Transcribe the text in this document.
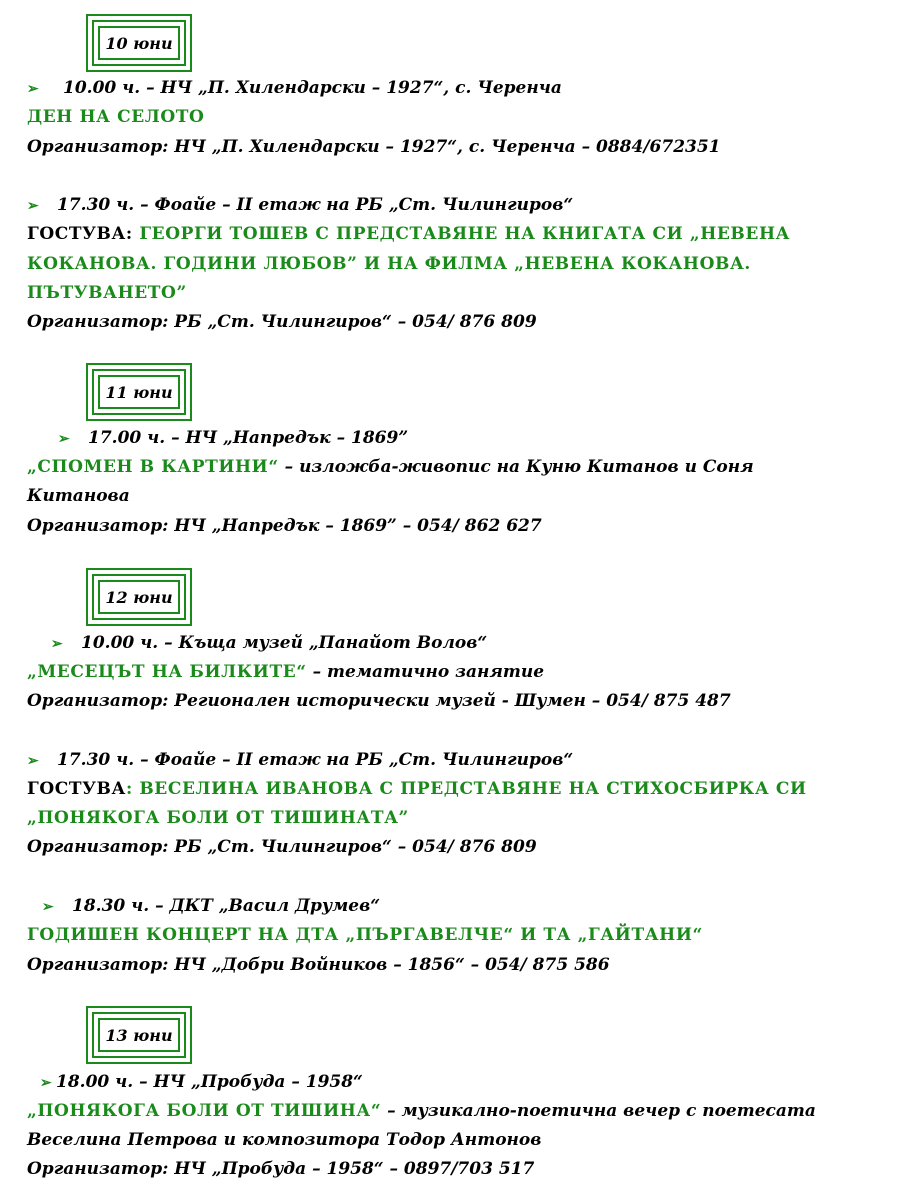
10 юни
➢ 10.00 ч. – НЧ „П. Хилендарски – 1927“, с. Черенча
ДЕН НА СЕЛОТО
Организатор: НЧ „П. Хилендарски – 1927“, с. Черенча – 0884/672351
➢ 17.30 ч. – Фоайе – II етаж на РБ „Ст. Чилингиров“
ГОСТУВА: ГЕОРГИ ТОШЕВ С ПРЕДСТАВЯНЕ НА КНИГАТА СИ „НЕВЕНА
КОКАНОВА. ГОДИНИ ЛЮБОВ” И НА ФИЛМА „НЕВЕНА КОКАНОВА.
ПЪТУВАНЕТО”
Организатор: РБ „Ст. Чилингиров“ – 054/ 876 809
11 юни
➢ 17.00 ч. – НЧ „Напредък – 1869”
„СПОМЕН В КАРТИНИ“ – изложба-живопис на Куню Китанов и Соня
Китанова
Организатор: НЧ „Напредък – 1869” – 054/ 862 627
12 юни
➢ 10.00 ч. – Къща музей „Панайот Волов“
„МЕСЕЦЪТ НА БИЛКИТЕ“ – тематично занятие
Организатор: Регионален исторически музей - Шумен – 054/ 875 487
➢ 17.30 ч. – Фоайе – II етаж на РБ „Ст. Чилингиров“
ГОСТУВА: ВЕСЕЛИНА ИВАНОВА С ПРЕДСТАВЯНЕ НА СТИХОСБИРКА СИ
„ПОНЯКОГА БОЛИ ОТ ТИШИНАТА”
Организатор: РБ „Ст. Чилингиров“ – 054/ 876 809
➢ 18.30 ч. – ДКТ „Васил Друмев“
ГОДИШЕН КОНЦЕРТ НА ДТА „ПЪРГАВЕЛЧЕ“ И ТА „ГАЙТАНИ“
Организатор: НЧ „Добри Войников – 1856“ – 054/ 875 586
13 юни
➢ 18.00 ч. – НЧ „Пробуда – 1958“
„ПОНЯКОГА БОЛИ ОТ ТИШИНА“ – музикално-поетична вечер с поетесата
Веселина Петрова и композитора Тодор Антонов
Организатор: НЧ „Пробуда – 1958“ – 0897/703 517
